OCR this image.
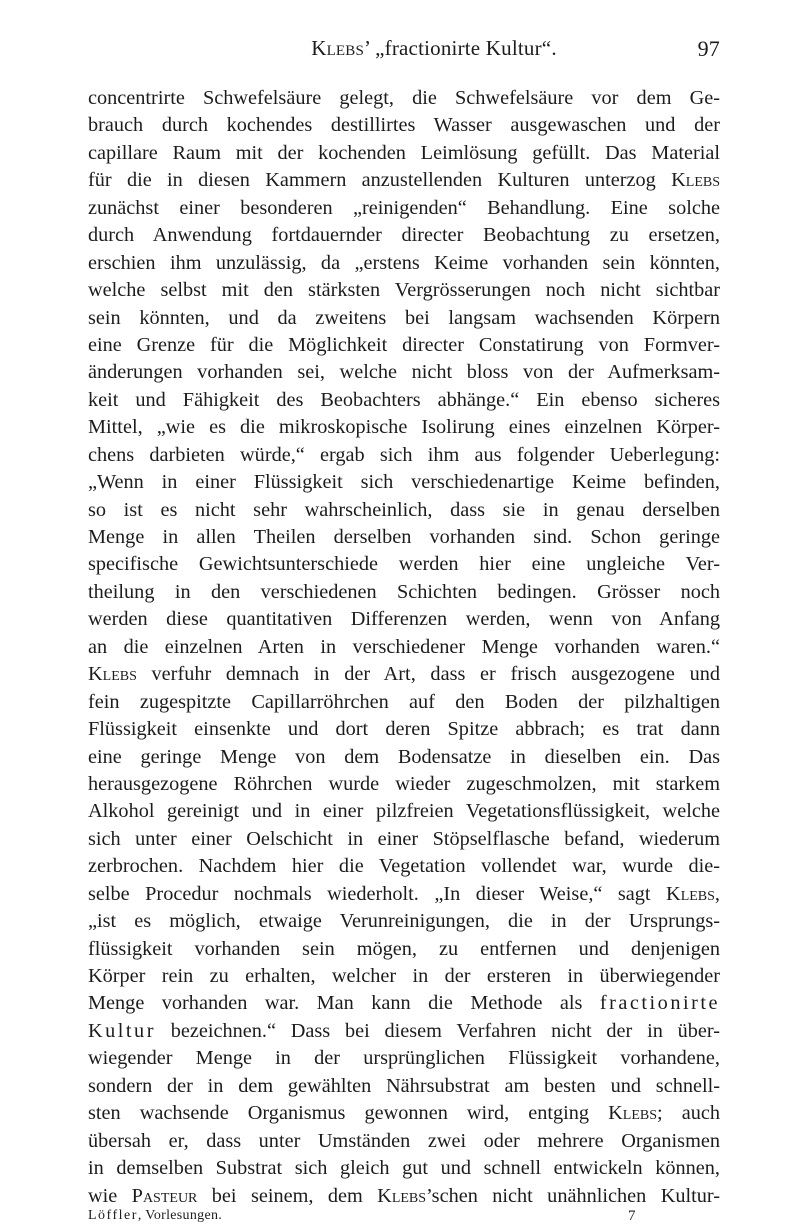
Klebs’ „fractionirte Kultur“.	97
concentrirte Schwefelsäure gelegt, die Schwefelsäure vor dem Ge-
brauch durch kochendes destillirtes Wasser ausgewaschen und der
capillare Raum mit der kochenden Leimlösung gefüllt. Das Material
für die in diesen Kammern anzustellenden Kulturen unterzog Klebs
zunächst einer besonderen „reinigenden“ Behandlung. Eine solche
durch Anwendung fortdauernder directer Beobachtung zu ersetzen,
erschien ihm unzulässig, da „erstens Keime vorhanden sein könnten,
welche selbst mit den stärksten Vergrösserungen noch nicht sichtbar
sein könnten, und da zweitens bei langsam wachsenden Körpern
eine Grenze für die Möglichkeit directer Constatirung von Formver-
änderungen vorhanden sei, welche nicht bloss von der Aufmerksam-
keit und Fähigkeit des Beobachters abhänge.“ Ein ebenso sicheres
Mittel, „wie es die mikroskopische Isolirung eines einzelnen Körper-
chens darbieten würde,“ ergab sich ihm aus folgender Ueberlegung:
„Wenn in einer Flüssigkeit sich verschiedenartige Keime befinden,
so ist es nicht sehr wahrscheinlich, dass sie in genau derselben
Menge in allen Theilen derselben vorhanden sind. Schon geringe
specifische Gewichtsunterschiede werden hier eine ungleiche Ver-
theilung in den verschiedenen Schichten bedingen. Grösser noch
werden diese quantitativen Differenzen werden, wenn von Anfang
an die einzelnen Arten in verschiedener Menge vorhanden waren.“
Klebs verfuhr demnach in der Art, dass er frisch ausgezogene und
fein zugespitzte Capillarröhrchen auf den Boden der pilzhaltigen
Flüssigkeit einsenkte und dort deren Spitze abbrach; es trat dann
eine geringe Menge von dem Bodensatze in dieselben ein. Das
herausgezogene Röhrchen wurde wieder zugeschmolzen, mit starkem
Alkohol gereinigt und in einer pilzfreien Vegetationsflüssigkeit, welche
sich unter einer Oelschicht in einer Stöpselflasche befand, wiederum
zerbrochen. Nachdem hier die Vegetation vollendet war, wurde die-
selbe Procedur nochmals wiederholt. „In dieser Weise,“ sagt Klebs,
„ist es möglich, etwaige Verunreinigungen, die in der Ursprungs-
flüssigkeit vorhanden sein mögen, zu entfernen und denjenigen
Körper rein zu erhalten, welcher in der ersteren in überwiegender
Menge vorhanden war. Man kann die Methode als fractionirte
Kultur bezeichnen.“ Dass bei diesem Verfahren nicht der in über-
wiegender Menge in der ursprünglichen Flüssigkeit vorhandene,
sondern der in dem gewählten Nährsubstrat am besten und schnell-
sten wachsende Organismus gewonnen wird, entging Klebs; auch
übersah er, dass unter Umständen zwei oder mehrere Organismen
in demselben Substrat sich gleich gut und schnell entwickeln können,
wie Pasteur bei seinem, dem Klebs’schen nicht unähnlichen Kultur-
Löffler, Vorlesungen.	7
